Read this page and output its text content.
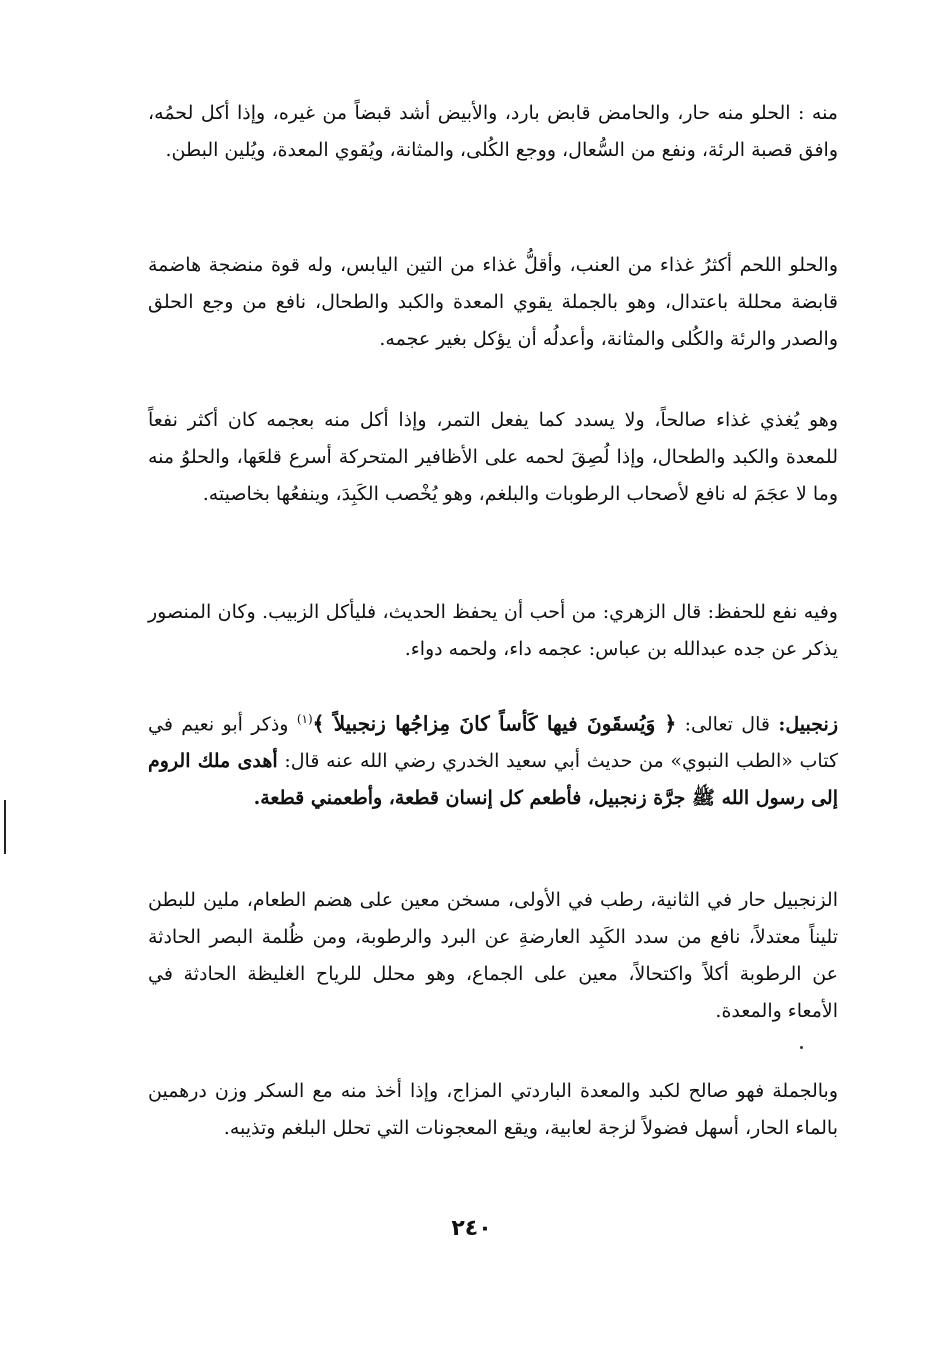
منه : الحلو منه حار، والحامض قابض بارد، والأبيض أشد قبضاً من غيره، وإذا أكل لحمُه، وافق قصبة الرئة، ونفع من السُّعال، ووجع الكُلى، والمثانة، ويُقوي المعدة، ويُلين البطن.

والحلو اللحم أكثرُ غذاء من العنب، وأقلُّ غذاء من التين اليابس، وله قوة منضجة هاضمة قابضة محللة باعتدال، وهو بالجملة يقوي المعدة والكبد والطحال، نافع من وجع الحلق والصدر والرئة والكُلى والمثانة، وأعدلُه أن يؤكل بغير عجمه.

وهو يُغذي غذاء صالحاً، ولا يسدد كما يفعل التمر، وإذا أكل منه بعجمه كان أكثر نفعاً للمعدة والكبد والطحال، وإذا لُصِقَ لحمه على الأظافير المتحركة أسرع قلعَها، والحلوُ منه وما لا عجَمَ له نافع لأصحاب الرطوبات والبلغم، وهو يُخْصب الكَبِدَ، وينفعُها بخاصيته.

وفيه نفع للحفظ: قال الزهري: من أحب أن يحفظ الحديث، فليأكل الزبيب. وكان المنصور يذكر عن جده عبدالله بن عباس: عجمه داء، ولحمه دواء.

زنجبيل: قال تعالى: ﴿ وَيُسقَونَ فيها كَأساً كانَ مِزاجُها زنجبيلاً ﴾$^{(١)}$ وذكر أبو نعيم في كتاب «الطب النبوي» من حديث أبي سعيد الخدري رضي الله عنه قال: أهدى ملك الروم إلى رسول الله ﷺ جرَّة زنجبيل، فأطعم كل إنسان قطعة، وأطعمني قطعة.

الزنجبيل حار في الثانية، رطب في الأولى، مسخن معين على هضم الطعام، ملين للبطن تليناً معتدلاً، نافع من سدد الكَبِد العارضةِ عن البرد والرطوبة، ومن ظُلمة البصر الحادثة عن الرطوبة أكلاً واكتحالاً، معين على الجماع، وهو محلل للرياح الغليظة الحادثة في الأمعاء والمعدة.

وبالجملة فهو صالح لكبد والمعدة الباردتي المزاج، وإذا أخذ منه مع السكر وزن درهمين بالماء الحار، أسهل فضولاً لزجة لعابية، ويقع المعجونات التي تحلل البلغم وتذيبه.

٢٤٠
